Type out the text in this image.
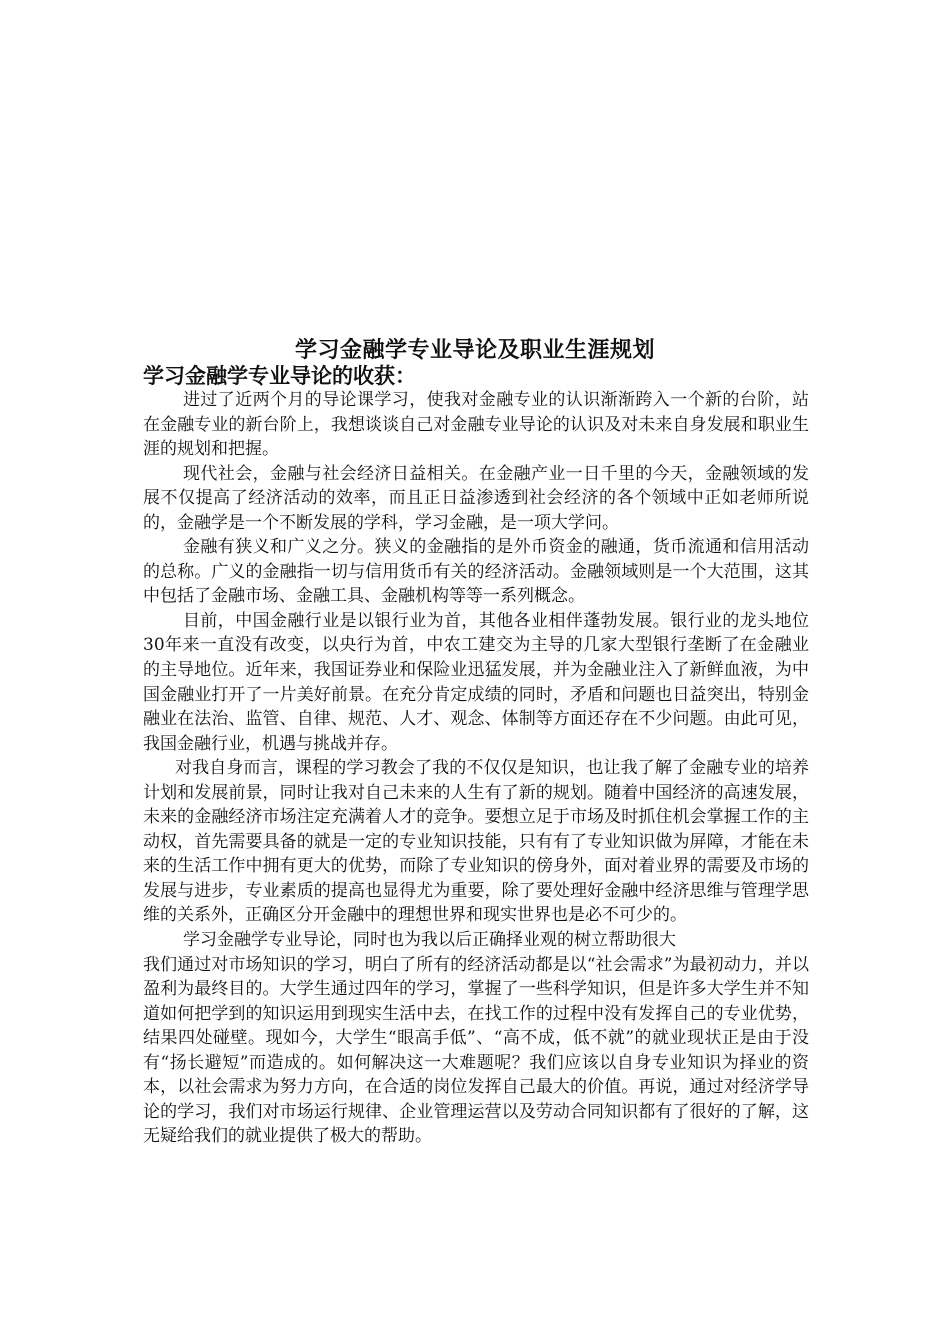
学习金融学专业导论及职业生涯规划
学习金融学专业导论的收获：

进过了近两个月的导论课学习，使我对金融专业的认识渐渐跨入一个新的台阶，站在金融专业的新台阶上，我想谈谈自己对金融专业导论的认识及对未来自身发展和职业生涯的规划和把握。

现代社会，金融与社会经济日益相关。在金融产业一日千里的今天，金融领域的发展不仅提高了经济活动的效率，而且正日益渗透到社会经济的各个领域中正如老师所说的，金融学是一个不断发展的学科，学习金融，是一项大学问。

金融有狭义和广义之分。狭义的金融指的是外币资金的融通，货币流通和信用活动的总称。广义的金融指一切与信用货币有关的经济活动。金融领域则是一个大范围，这其中包括了金融市场、金融工具、金融机构等等一系列概念。

目前，中国金融行业是以银行业为首，其他各业相伴蓬勃发展。银行业的龙头地位30年来一直没有改变，以央行为首，中农工建交为主导的几家大型银行垄断了在金融业的主导地位。近年来，我国证券业和保险业迅猛发展，并为金融业注入了新鲜血液，为中国金融业打开了一片美好前景。在充分肯定成绩的同时，矛盾和问题也日益突出，特别金融业在法治、监管、自律、规范、人才、观念、体制等方面还存在不少问题。由此可见，我国金融行业，机遇与挑战并存。

对我自身而言，课程的学习教会了我的不仅仅是知识，也让我了解了金融专业的培养计划和发展前景，同时让我对自己未来的人生有了新的规划。随着中国经济的高速发展，未来的金融经济市场注定充满着人才的竞争。要想立足于市场及时抓住机会掌握工作的主动权，首先需要具备的就是一定的专业知识技能，只有有了专业知识做为屏障，才能在未来的生活工作中拥有更大的优势，而除了专业知识的傍身外，面对着业界的需要及市场的发展与进步，专业素质的提高也显得尤为重要，除了要处理好金融中经济思维与管理学思维的关系外，正确区分开金融中的理想世界和现实世界也是必不可少的。

学习金融学专业导论，同时也为我以后正确择业观的树立帮助很大

我们通过对市场知识的学习，明白了所有的经济活动都是以“社会需求”为最初动力，并以盈利为最终目的。大学生通过四年的学习，掌握了一些科学知识，但是许多大学生并不知道如何把学到的知识运用到现实生活中去，在找工作的过程中没有发挥自己的专业优势，结果四处碰壁。现如今，大学生“眼高手低”、“高不成，低不就”的就业现状正是由于没有“扬长避短”而造成的。如何解决这一大难题呢？我们应该以自身专业知识为择业的资本，以社会需求为努力方向，在合适的岗位发挥自己最大的价值。再说，通过对经济学导论的学习，我们对市场运行规律、企业管理运营以及劳动合同知识都有了很好的了解，这无疑给我们的就业提供了极大的帮助。
